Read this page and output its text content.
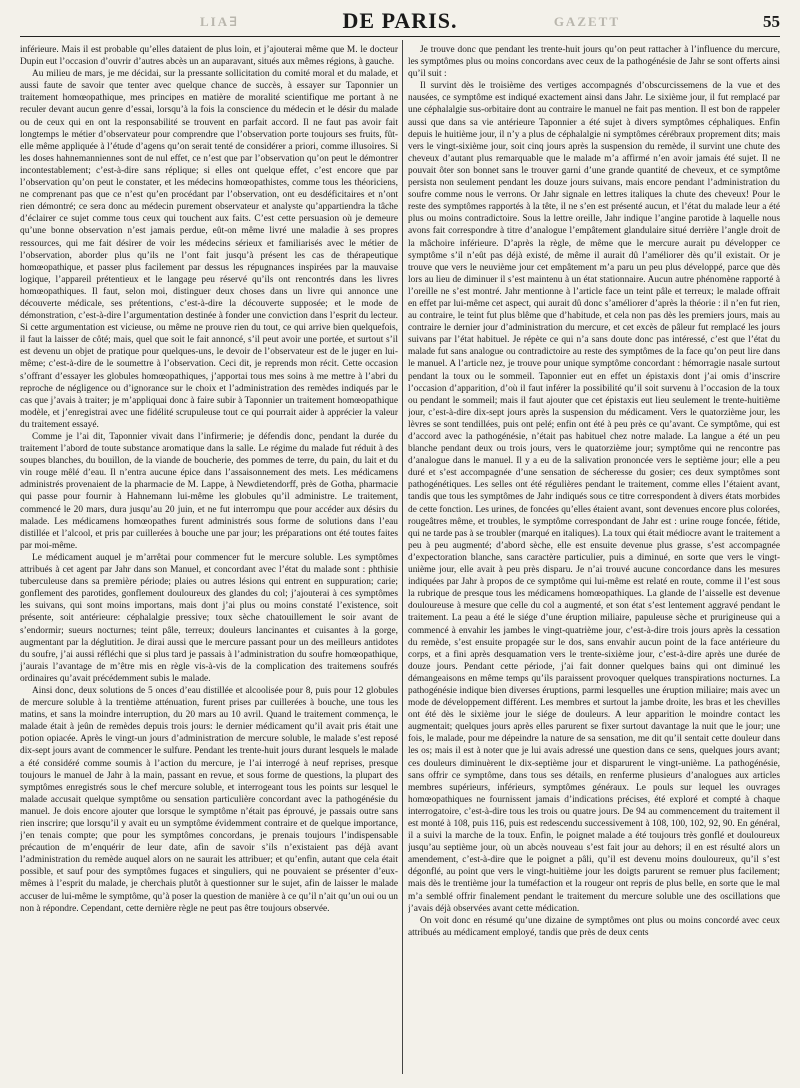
LIA∃	DE PARIS.	GAZETT	55

inférieure. Mais il est probable qu’elles dataient de plus loin, et j’ajouterai même que M. le docteur Dupin eut l’occasion d’ouvrir d’autres abcès un an auparavant, situés aux mêmes régions, à gauche.

Au milieu de mars, je me décidai, sur la pressante sollicitation du comité moral et du malade, et aussi faute de savoir que tenter avec quelque chance de succès, à essayer sur Taponnier un traitement homœopathique, mes principes en matière de moralité scientifique me portant à ne reculer devant aucun genre d’essai, lorsqu’à la fois la conscience du médecin et le désir du malade ou de ceux qui en ont la responsabilité se trouvent en parfait accord. Il ne faut pas avoir fait longtemps le métier d’observateur pour comprendre que l’observation porte toujours ses fruits, fût-elle même appliquée à l’étude d’agens qu’on serait tenté de considérer a priori, comme illusoires. Si les doses hahnemanniennes sont de nul effet, ce n’est que par l’observation qu’on peut le démontrer incontestablement; c’est-à-dire sans réplique; si elles ont quelque effet, c’est encore que par l’observation qu’on peut le constater, et les médecins homœopathistes, comme tous les théoriciens, ne comprenant pas que ce n’est qu’en procédant par l’observation, ont eu desdéficitaires et n’ont rien démontré; ce sera donc au médecin purement observateur et analyste qu’appartiendra la tâche d’éclairer ce sujet comme tous ceux qui touchent aux faits. C’est cette persuasion où je demeure qu’une bonne observation n’est jamais perdue, eût-on même livré une maladie à ses propres ressources, qui me fait désirer de voir les médecins sérieux et familiarisés avec le métier de l’observation, aborder plus qu’ils ne l’ont fait jusqu’à présent les cas de thérapeutique homœopathique, et passer plus facilement par dessus les répugnances inspirées par la mauvaise logique, l’appareil prétentieux et le langage peu réservé qu’ils ont rencontrés dans les livres homœopathiques. Il faut, selon moi, distinguer deux choses dans un livre qui annonce une découverte médicale, ses prétentions, c’est-à-dire la découverte supposée; et le mode de démonstration, c’est-à-dire l’argumentation destinée à fonder une conviction dans l’esprit du lecteur. Si cette argumentation est vicieuse, ou même ne prouve rien du tout, ce qui arrive bien quelquefois, il faut la laisser de côté; mais, quel que soit le fait annoncé, s’il peut avoir une portée, et surtout s’il est devenu un objet de pratique pour quelques-uns, le devoir de l’observateur est de le juger en lui-même; c’est-à-dire de le soumettre à l’observation. Ceci dit, je reprends mon récit. Cette occasion s’offrant d’essayer les globules homœopathiques, j’apportai tous mes soins à me mettre à l’abri du reproche de négligence ou d’ignorance sur le choix et l’administration des remèdes indiqués par le cas que j’avais à traiter; je m’appliquai donc à faire subir à Taponnier un traitement homœopathique modèle, et j’enregistrai avec une fidélité scrupuleuse tout ce qui pourrait aider à apprécier la valeur du traitement essayé.

Comme je l’ai dit, Taponnier vivait dans l’infirmerie; je défendis donc, pendant la durée du traitement l’abord de toute substance aromatique dans la salle. Le régime du malade fut réduit à des soupes blanches, du bouillon, de la viande de boucherie, des pommes de terre, du pain, du lait et du vin rouge mêlé d’eau. Il n’entra aucune épice dans l’assaisonnement des mets. Les médicamens administrés provenaient de la pharmacie de M. Lappe, à Newdietendorff, près de Gotha, pharmacie qui passe pour fournir à Hahnemann lui-même les globules qu’il administre. Le traitement, commencé le 20 mars, dura jusqu’au 20 juin, et ne fut interrompu que pour accéder aux désirs du malade. Les médicamens homœopathes furent administrés sous forme de solutions dans l’eau distillée et l’alcool, et pris par cuillerées à bouche une par jour; les préparations ont été toutes faites par moi-même.

Le médicament auquel je m’arrêtai pour commencer fut le mercure soluble. Les symptômes attribués à cet agent par Jahr dans son Manuel, et concordant avec l’état du malade sont : phthisie tuberculeuse dans sa première période; plaies ou autres lésions qui entrent en suppuration; carie; gonflement des parotides, gonflement douloureux des glandes du col; j’ajouterai à ces symptômes les suivans, qui sont moins importans, mais dont j’ai plus ou moins constaté l’existence, soit présente, soit antérieure: céphalalgie pressive; toux sèche chatouillement le soir avant de s’endormir; sueurs nocturnes; teint pâle, terreux; douleurs lancinantes et cuisantes à la gorge, augmentant par la déglutition. Je dirai aussi que le mercure passant pour un des meilleurs antidotes du soufre, j’ai aussi réfléchi que si plus tard je passais à l’administration du soufre homœopathique, j’aurais l’avantage de m’être mis en règle vis-à-vis de la complication des traitemens soufrés ordinaires qu’avait précédemment subis le malade.

Ainsi donc, deux solutions de 5 onces d’eau distillée et alcoolisée pour 8, puis pour 12 globules de mercure soluble à la trentième atténuation, furent prises par cuillerées à bouche, une tous les matins, et sans la moindre interruption, du 20 mars au 10 avril. Quand le traitement commença, le malade était à jeûn de remèdes depuis trois jours: le dernier médicament qu’il avait pris était une potion opiacée. Après le vingt-un jours d’administration de mercure soluble, le malade s’est reposé dix-sept jours avant de commencer le sulfure. Pendant les trente-huit jours durant lesquels le malade a été considéré comme soumis à l’action du mercure, je l’ai interrogé à neuf reprises, presque toujours le manuel de Jahr à la main, passant en revue, et sous forme de questions, la plupart des symptômes enregistrés sous le chef mercure soluble, et interrogeant tous les points sur lesquel le malade accusait quelque symptôme ou sensation particulière concordant avec la pathogénésie du manuel. Je dois encore ajouter que lorsque le symptôme n’était pas éprouvé, je passais outre sans rien inscrire; que lorsqu’il y avait eu un symptôme évidemment contraire et de quelque importance, j’en tenais compte; que pour les symptômes concordans, je prenais toujours l’indispensable précaution de m’enquérir de leur date, afin de savoir s’ils n’existaient pas déjà avant l’administration du remède auquel alors on ne saurait les attribuer; et qu’enfin, autant que cela était possible, et sauf pour des symptômes fugaces et singuliers, qui ne pouvaient se présenter d’eux-mêmes à l’esprit du malade, je cherchais plutôt à questionner sur le sujet, afin de laisser le malade accuser de lui-même le symptôme, qu’à poser la question de manière à ce qu’il n’ait qu’un oui ou un non à répondre. Cependant, cette dernière règle ne peut pas être toujours observée.

Je trouve donc que pendant les trente-huit jours qu’on peut rattacher à l’influence du mercure, les symptômes plus ou moins concordans avec ceux de la pathogénésie de Jahr se sont offerts ainsi qu’il suit :

Il survint dès le troisième des vertiges accompagnés d’obscurcissemens de la vue et des nausées, ce symptôme est indiqué exactement ainsi dans Jahr. Le sixième jour, il fut remplacé par une céphalalgie sus-orbitaire dont au contraire le manuel ne fait pas mention. Il est bon de rappeler aussi que dans sa vie antérieure Taponnier a été sujet à divers symptômes céphaliques. Enfin depuis le huitième jour, il n’y a plus de céphalalgie ni symptômes cérébraux proprement dits; mais vers le vingt-sixième jour, soit cinq jours après la suspension du remède, il survint une chute des cheveux d’autant plus remarquable que le malade m’a affirmé n’en avoir jamais été sujet. Il ne pouvait ôter son bonnet sans le trouver garni d’une grande quantité de cheveux, et ce symptôme persista non seulement pendant les douze jours suivans, mais encore pendant l’administration du soufre comme nous le verrons. Or Jahr signale en lettres italiques la chute des cheveux! Pour le reste des symptômes rapportés à la tête, il ne s’en est présenté aucun, et l’état du malade leur a été plus ou moins contradictoire. Sous la lettre oreille, Jahr indique l’angine parotide à laquelle nous avons fait correspondre à titre d’analogue l’empâtement glandulaire situé derrière l’angle droit de la mâchoire inférieure. D’après la règle, de même que le mercure aurait pu développer ce symptôme s’il n’eût pas déjà existé, de même il aurait dû l’améliorer dès qu’il existait. Or je trouve que vers le neuvième jour cet empâtement m’a paru un peu plus développé, parce que dès lors au lieu de diminuer il s’est maintenu à un état stationnaire. Aucun autre phénomène rapporté à l’oreille ne s’est montré. Jahr mentionne à l’article face un teint pâle et terreux; le malade offrait en effet par lui-même cet aspect, qui aurait dû donc s’améliorer d’après la théorie : il n’en fut rien, au contraire, le teint fut plus blême que d’habitude, et cela non pas dès les premiers jours, mais au contraire le dernier jour d’administration du mercure, et cet excès de pâleur fut remplacé les jours suivans par l’état habituel. Je répète ce qui n’a sans doute donc pas intéressé, c’est que l’état du malade fut sans analogue ou contradictoire au reste des symptômes de la face qu’on peut lire dans le manuel. A l’article nez, je trouve pour unique symptôme concordant : hémorragie nasale surtout pendant la toux ou le sommeil. Taponnier eut en effet un épistaxis dont j’ai omis d’inscrire l’occasion d’apparition, d’où il faut inférer la possibilité qu’il soit survenu à l’occasion de la toux ou pendant le sommeil; mais il faut ajouter que cet épistaxis eut lieu seulement le trente-huitième jour, c’est-à-dire dix-sept jours après la suspension du médicament. Vers le quatorzième jour, les lèvres se sont tendillées, puis ont pelé; enfin ont été à peu près ce qu’avant. Ce symptôme, qui est d’accord avec la pathogénésie, n’était pas habituel chez notre malade. La langue a été un peu blanche pendant deux ou trois jours, vers le quatorzième jour; symptôme qui ne rencontre pas d’analogue dans le manuel. Il y a eu de la salivation prononcée vers le septième jour; elle a peu duré et s’est accompagnée d’une sensation de sécheresse du gosier; ces deux symptômes sont pathogénétiques. Les selles ont été régulières pendant le traitement, comme elles l’étaient avant, tandis que tous les symptômes de Jahr indiqués sous ce titre correspondent à divers états morbides de cette fonction. Les urines, de foncées qu’elles étaient avant, sont devenues encore plus colorées, rougeâtres même, et troubles, le symptôme correspondant de Jahr est : urine rouge foncée, fétide, qui ne tarde pas à se troubler (marqué en italiques). La toux qui était médiocre avant le traitement a peu à peu augmenté; d’abord sèche, elle est ensuite devenue plus grasse, s’est accompagnée d’expectoration blanche, sans caractère particulier, puis a diminué, en sorte que vers le vingt-unième jour, elle avait à peu près disparu. Je n’ai trouvé aucune concordance dans les mesures indiquées par Jahr à propos de ce symptôme qui lui-même est relaté en route, comme il l’est sous la rubrique de presque tous les médicamens homœopathiques. La glande de l’aisselle est devenue douloureuse à mesure que celle du col a augmenté, et son état s’est lentement aggravé pendant le traitement. La peau a été le siége d’une éruption miliaire, papuleuse sèche et prurigineuse qui a commencé à envahir les jambes le vingt-quatrième jour, c’est-à-dire trois jours après la cessation du remède, s’est ensuite propagée sur le dos, sans envahir aucun point de la face antérieure du corps, et a fini après desquamation vers le trente-sixième jour, c’est-à-dire après une durée de douze jours. Pendant cette période, j’ai fait donner quelques bains qui ont diminué les démangeaisons en même temps qu’ils paraissent provoquer quelques transpirations nocturnes. La pathogénésie indique bien diverses éruptions, parmi lesquelles une éruption miliaire; mais avec un mode de développement différent. Les membres et surtout la jambe droite, les bras et les chevilles ont été dès le sixième jour le siége de douleurs. A leur apparition le moindre contact les augmentait; quelques jours après elles parurent se fixer surtout davantage la nuit que le jour; une fois, le malade, pour me dépeindre la nature de sa sensation, me dit qu’il sentait cette douleur dans les os; mais il est à noter que je lui avais adressé une question dans ce sens, quelques jours avant; ces douleurs diminuèrent le dix-septième jour et disparurent le vingt-unième. La pathogénésie, sans offrir ce symptôme, dans tous ses détails, en renferme plusieurs d’analogues aux articles membres supérieurs, inférieurs, symptômes généraux. Le pouls sur lequel les ouvrages homœopathiques ne fournissent jamais d’indications précises, été exploré et compté à chaque interrogatoire, c’est-à-dire tous les trois ou quatre jours. De 94 au commencement du traitement il est monté à 108, puis 116, puis est redescendu successivement à 108, 100, 102, 92, 90. En général, il a suivi la marche de la toux. Enfin, le poignet malade a été toujours très gonflé et douloureux jusqu’au septième jour, où un abcès nouveau s’est fait jour au dehors; il en est résulté alors un amendement, c’est-à-dire que le poignet a pâli, qu’il est devenu moins douloureux, qu’il s’est dégonflé, au point que vers le vingt-huitième jour les doigts parurent se remuer plus facilement; mais dès le trentième jour la tuméfaction et la rougeur ont repris de plus belle, en sorte que le mal m’a semblé offrir finalement pendant le traitement du mercure soluble une des oscillations que j’avais déjà observées avant cette médication.

On voit donc en résumé qu’une dizaine de symptômes ont plus ou moins concordé avec ceux attribués au médicament employé, tandis que près de deux cents
